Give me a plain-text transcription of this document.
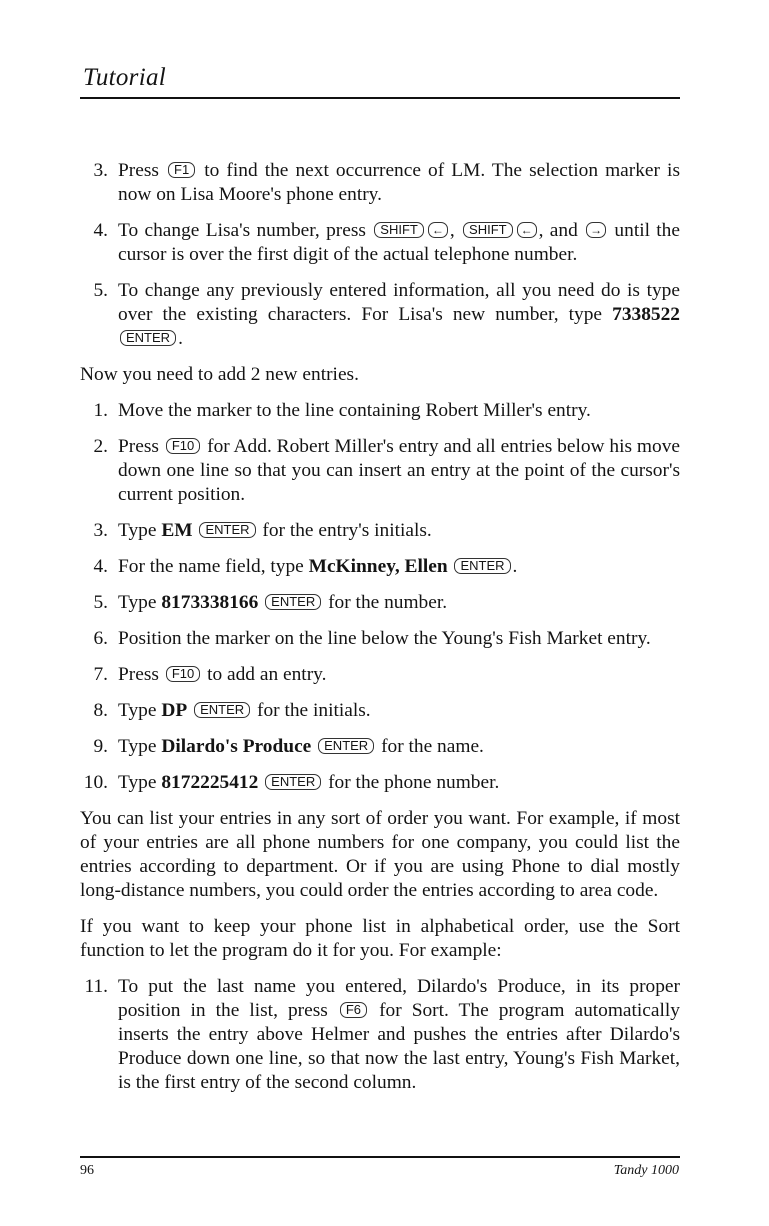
Tutorial
3. Press F1 to find the next occurrence of LM. The selection marker is now on Lisa Moore's phone entry.
4. To change Lisa's number, press SHIFT ← , SHIFT ← , and → until the cursor is over the first digit of the actual telephone number.
5. To change any previously entered information, all you need do is type over the existing characters. For Lisa's new number, type 7338522 ENTER .

Now you need to add 2 new entries.

1. Move the marker to the line containing Robert Miller's entry.
2. Press F10 for Add. Robert Miller's entry and all entries below his move down one line so that you can insert an entry at the point of the cursor's current position.
3. Type EM ENTER for the entry's initials.
4. For the name field, type McKinney, Ellen ENTER .
5. Type 8173338166 ENTER for the number.
6. Position the marker on the line below the Young's Fish Market entry.
7. Press F10 to add an entry.
8. Type DP ENTER for the initials.
9. Type Dilardo's Produce ENTER for the name.
10. Type 8172225412 ENTER for the phone number.

You can list your entries in any sort of order you want. For example, if most of your entries are all phone numbers for one company, you could list the entries according to department. Or if you are using Phone to dial mostly long-distance numbers, you could order the entries according to area code.

If you want to keep your phone list in alphabetical order, use the Sort function to let the program do it for you. For example:

11. To put the last name you entered, Dilardo's Produce, in its proper position in the list, press F6 for Sort. The program automatically inserts the entry above Helmer and pushes the entries after Dilardo's Produce down one line, so that now the last entry, Young's Fish Market, is the first entry of the second column.
96	Tandy 1000
